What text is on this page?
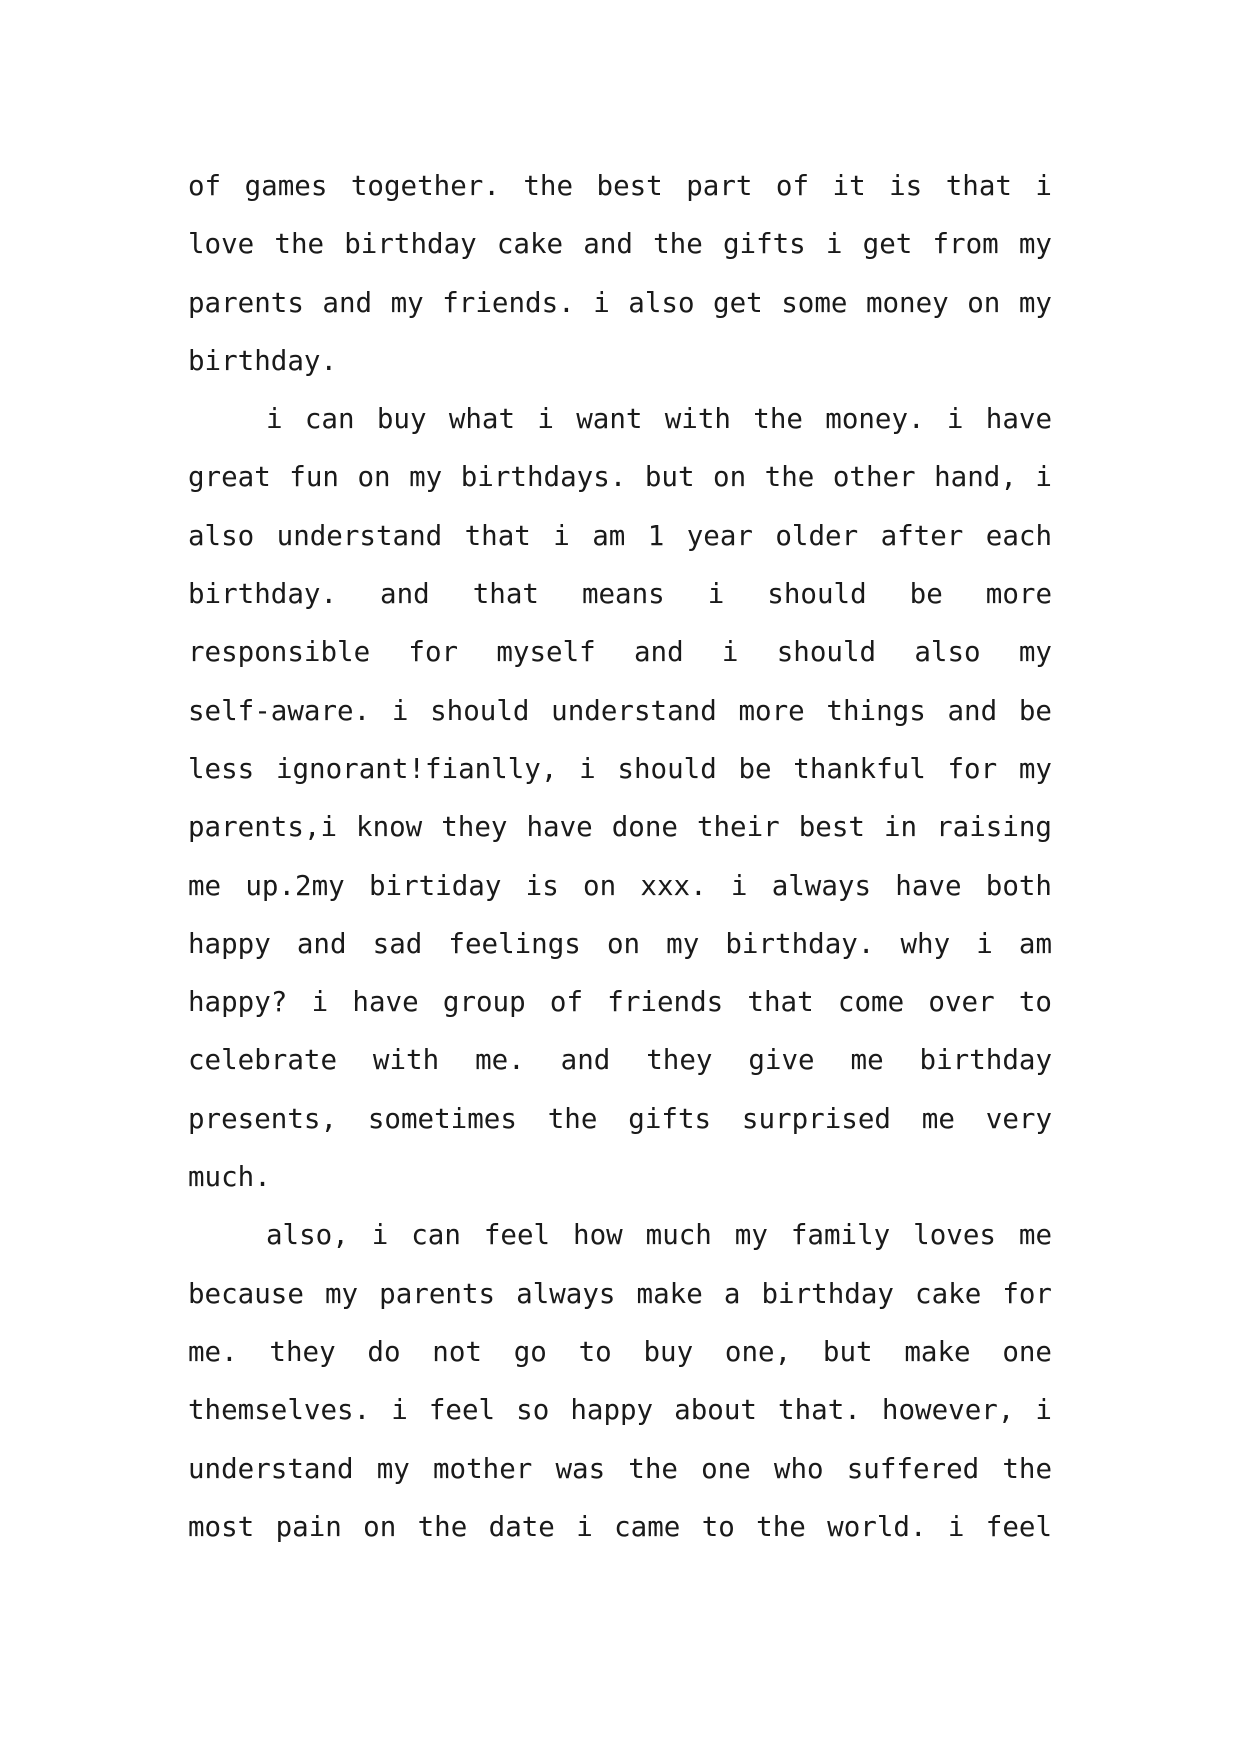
of games together. the best part of it is that i
love the birthday cake and the gifts i get from my
parents and my friends. i also get some money on my
birthday.
i can buy what i want with the money. i have
great fun on my birthdays. but on the other hand, i
also understand that i am 1 year older after each
birthday. and that means i should be more
responsible for myself and i should also my
self-aware. i should understand more things and be
less ignorant!fianlly, i should be thankful for my
parents,i know they have done their best in raising
me up.2my birtiday is on xxx. i always have both
happy and sad feelings on my birthday. why i am
happy? i have group of friends that come over to
celebrate with me. and they give me birthday
presents, sometimes the gifts surprised me very
much.
also, i can feel how much my family loves me
because my parents always make a birthday cake for
me. they do not go to buy one, but make one
themselves. i feel so happy about that. however, i
understand my mother was the one who suffered the
most pain on the date i came to the world. i feel
